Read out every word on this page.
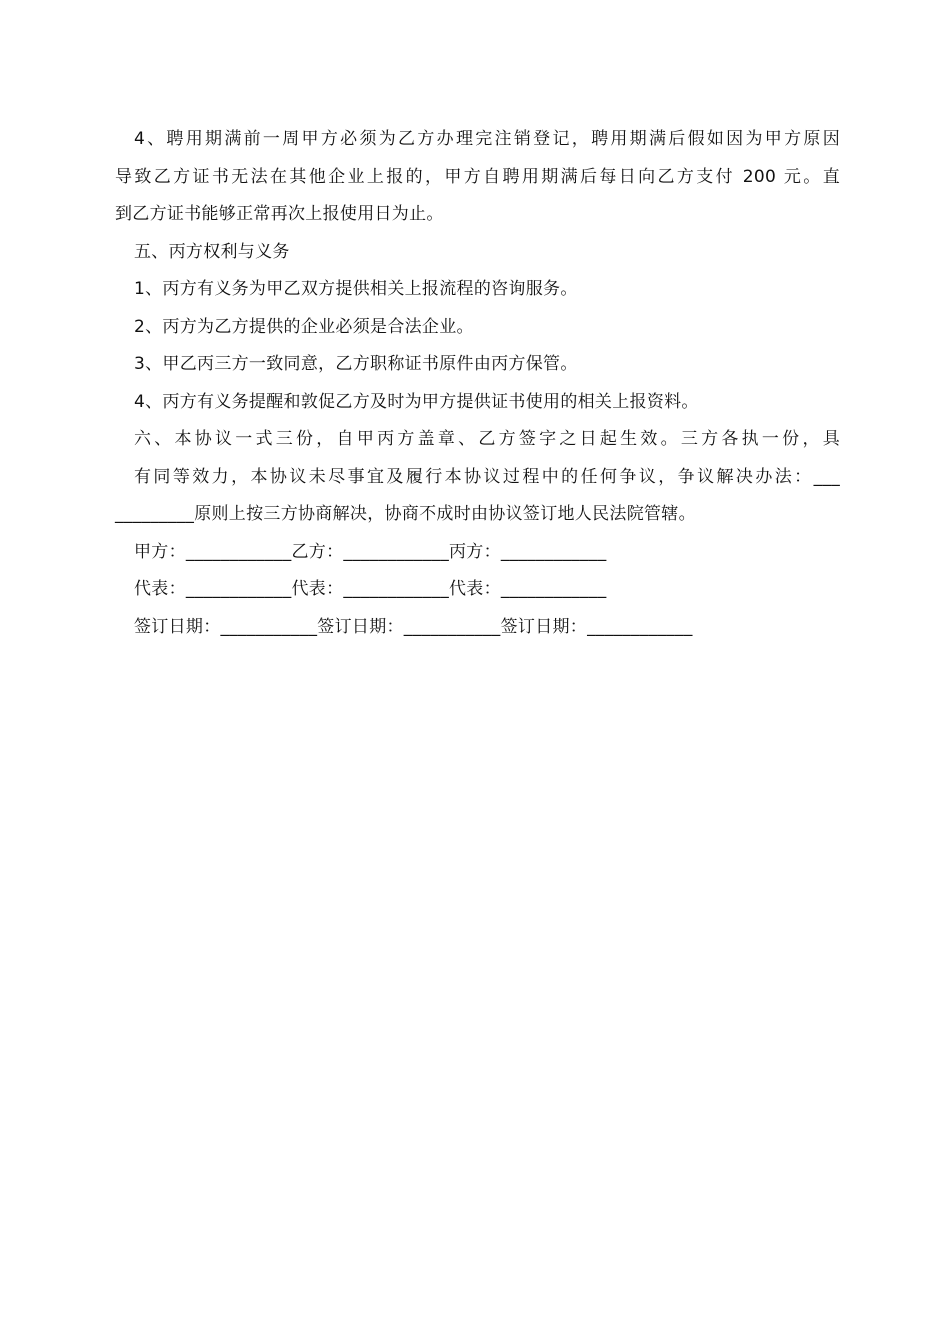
4、聘用期满前一周甲方必须为乙方办理完注销登记，聘用期满后假如因为甲方原因
导致乙方证书无法在其他企业上报的，甲方自聘用期满后每日向乙方支付 200 元。直
到乙方证书能够正常再次上报使用日为止。
五、丙方权利与义务
1、丙方有义务为甲乙双方提供相关上报流程的咨询服务。
2、丙方为乙方提供的企业必须是合法企业。
3、甲乙丙三方一致同意，乙方职称证书原件由丙方保管。
4、丙方有义务提醒和敦促乙方及时为甲方提供证书使用的相关上报资料。
六、本协议一式三份，自甲丙方盖章、乙方签字之日起生效。三方各执一份，具
有同等效力，本协议未尽事宜及履行本协议过程中的任何争议，争议解决办法：___
_________原则上按三方协商解决，协商不成时由协议签订地人民法院管辖。
甲方：____________乙方：____________丙方：____________
代表：____________代表：____________代表：____________
签订日期：___________签订日期：___________签订日期：____________
